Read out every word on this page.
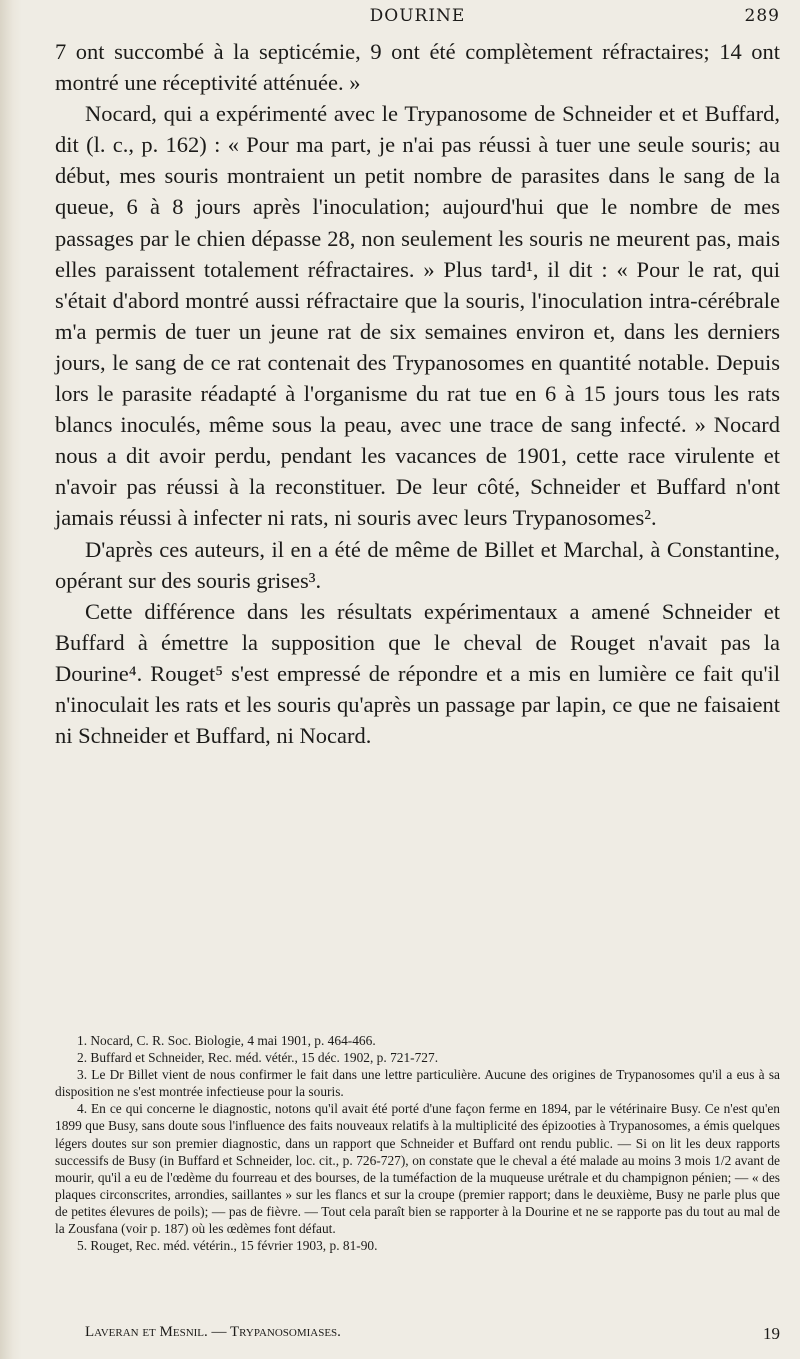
DOURINE	289

7 ont succombé à la septicémie, 9 ont été complètement réfractaires; 14 ont montré une réceptivité atténuée. »

Nocard, qui a expérimenté avec le Trypanosome de Schneider et et Buffard, dit (l. c., p. 162) : « Pour ma part, je n'ai pas réussi à tuer une seule souris; au début, mes souris montraient un petit nombre de parasites dans le sang de la queue, 6 à 8 jours après l'inoculation; aujourd'hui que le nombre de mes passages par le chien dépasse 28, non seulement les souris ne meurent pas, mais elles paraissent totalement réfractaires. » Plus tard¹, il dit : « Pour le rat, qui s'était d'abord montré aussi réfractaire que la souris, l'inoculation intra-cérébrale m'a permis de tuer un jeune rat de six semaines environ et, dans les derniers jours, le sang de ce rat contenait des Trypanosomes en quantité notable. Depuis lors le parasite réadapté à l'organisme du rat tue en 6 à 15 jours tous les rats blancs inoculés, même sous la peau, avec une trace de sang infecté. » Nocard nous a dit avoir perdu, pendant les vacances de 1901, cette race virulente et n'avoir pas réussi à la reconstituer. De leur côté, Schneider et Buffard n'ont jamais réussi à infecter ni rats, ni souris avec leurs Trypanosomes².

D'après ces auteurs, il en a été de même de Billet et Marchal, à Constantine, opérant sur des souris grises³.

Cette différence dans les résultats expérimentaux a amené Schneider et Buffard à émettre la supposition que le cheval de Rouget n'avait pas la Dourine⁴. Rouget⁵ s'est empressé de répondre et a mis en lumière ce fait qu'il n'inoculait les rats et les souris qu'après un passage par lapin, ce que ne faisaient ni Schneider et Buffard, ni Nocard.

1. Nocard, C. R. Soc. Biologie, 4 mai 1901, p. 464-466.

2. Buffard et Schneider, Rec. méd. vétér., 15 déc. 1902, p. 721-727.

3. Le Dr Billet vient de nous confirmer le fait dans une lettre particulière. Aucune des origines de Trypanosomes qu'il a eus à sa disposition ne s'est montrée infectieuse pour la souris.

4. En ce qui concerne le diagnostic, notons qu'il avait été porté d'une façon ferme en 1894, par le vétérinaire Busy. Ce n'est qu'en 1899 que Busy, sans doute sous l'influence des faits nouveaux relatifs à la multiplicité des épizooties à Trypanosomes, a émis quelques légers doutes sur son premier diagnostic, dans un rapport que Schneider et Buffard ont rendu public. — Si on lit les deux rapports successifs de Busy (in Buffard et Schneider, loc. cit., p. 726-727), on constate que le cheval a été malade au moins 3 mois 1/2 avant de mourir, qu'il a eu de l'œdème du fourreau et des bourses, de la tuméfaction de la muqueuse urétrale et du champignon pénien; — « des plaques circonscrites, arrondies, saillantes » sur les flancs et sur la croupe (premier rapport; dans le deuxième, Busy ne parle plus que de petites élevures de poils); — pas de fièvre. — Tout cela paraît bien se rapporter à la Dourine et ne se rapporte pas du tout au mal de la Zousfana (voir p. 187) où les œdèmes font défaut.

5. Rouget, Rec. méd. vétérin., 15 février 1903, p. 81-90.

Laveran et Mesnil. — Trypanosomiases.	19
